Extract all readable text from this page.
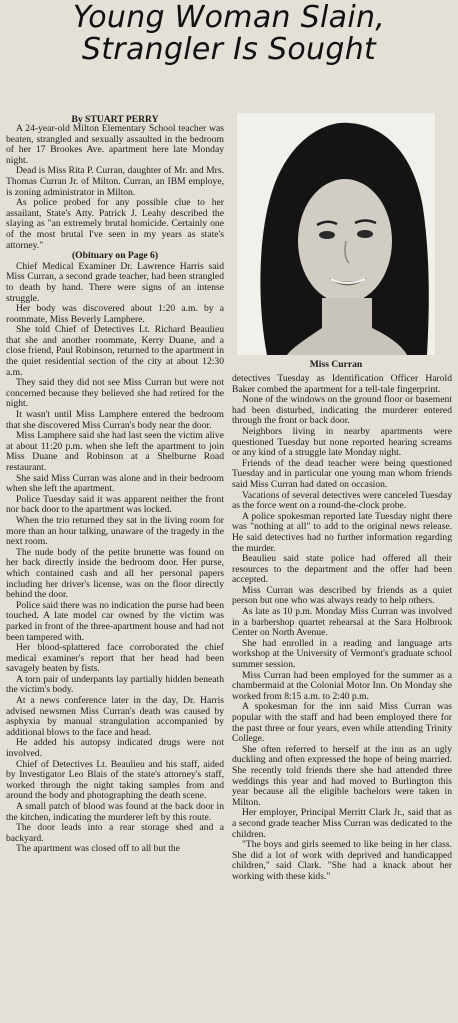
Young Woman Slain,
Strangler Is Sought
By STUART PERRY

A 24-year-old Milton Elementary School teacher was beaten, strangled and sexually assaulted in the bedroom of her 17 Brookes Ave. apartment here late Monday night.

Dead is Miss Rita P. Curran, daughter of Mr. and Mrs. Thomas Curran Jr. of Milton. Curran, an IBM employe, is zoning administrator in Milton.

As police probed for any possible clue to her assailant, State's Atty. Patrick J. Leahy described the slaying as "an extremely brutal homicide. Certainly one of the most brutal I've seen in my years as state's attorney."

(Obituary on Page 6)

Chief Medical Examiner Dr. Lawrence Harris said Miss Curran, a second grade teacher, had been strangled to death by hand. There were signs of an intense struggle.

Her body was discovered about 1:20 a.m. by a roommate, Miss Beverly Lamphere.

She told Chief of Detectives Lt. Richard Beaulieu that she and another roommate, Kerry Duane, and a close friend, Paul Robinson, returned to the apartment in the quiet residential section of the city at about 12:30 a.m.

They said they did not see Miss Curran but were not concerned because they believed she had retired for the night.

It wasn't until Miss Lamphere entered the bedroom that she discovered Miss Curran's body near the door.

Miss Lamphere said she had last seen the victim alive at about 11:20 p.m. when she left the apartment to join Miss Duane and Robinson at a Shelburne Road restaurant.

She said Miss Curran was alone and in their bedroom when she left the apartment.

Police Tuesday said it was apparent neither the front nor back door to the apartment was locked.

When the trio returned they sat in the living room for more than an hour talking, unaware of the tragedy in the next room.

The nude body of the petite brunette was found on her back directly inside the bedroom door. Her purse, which contained cash and all her personal papers including her driver's license, was on the floor directly behind the door.

Police said there was no indication the purse had been touched. A late model car owned by the victim was parked in front of the three-apartment house and had not been tampered with.

Her blood-splattered face corroborated the chief medical examiner's report that her head had been savagely beaten by fists.

A torn pair of underpants lay partially hidden beneath the victim's body.

At a news conference later in the day, Dr. Harris advised newsmen Miss Curran's death was caused by asphyxia by manual strangulation accompanied by additional blows to the face and head.

He added his autopsy indicated drugs were not involved.

Chief of Detectives Lt. Beaulieu and his staff, aided by Investigator Leo Blais of the state's attorney's staff, worked through the night taking samples from and around the body and photographing the death scene.

A small patch of blood was found at the back door in the kitchen, indicating the murderer left by this route.

The door leads into a rear storage shed and a backyard.

The apartment was closed off to all but the

Miss Curran

detectives Tuesday as Identification Officer Harold Baker combed the apartment for a tell-tale fingerprint.

None of the windows on the ground floor or basement had been disturbed, indicating the murderer entered through the front or back door.

Neighbors living in nearby apartments were questioned Tuesday but none reported hearing screams or any kind of a struggle late Monday night.

Friends of the dead teacher were being questioned Tuesday and in particular one young man whom friends said Miss Curran had dated on occasion.

Vacations of several detectives were canceled Tuesday as the force went on a round-the-clock probe.

A police spokesman reported late Tuesday night there was "nothing at all" to add to the original news release. He said detectives had no further information regarding the murder.

Beaulieu said state police had offered all their resources to the department and the offer had been accepted.

Miss Curran was described by friends as a quiet person but one who was always ready to help others.

As late as 10 p.m. Monday Miss Curran was involved in a barbershop quartet rehearsal at the Sara Holbrook Center on North Avenue.

She had enrolled in a reading and language arts workshop at the University of Vermont's graduate school summer session.

Miss Curran had been employed for the summer as a chambermaid at the Colonial Motor Inn. On Monday she worked from 8:15 a.m. to 2:40 p.m.

A spokesman for the inn said Miss Curran was popular with the staff and had been employed there for the past three or four years, even while attending Trinity College.

She often referred to herself at the inn as an ugly duckling and often expressed the hope of being married. She recently told friends there she had attended three weddings this year and had moved to Burlington this year because all the eligible bachelors were taken in Milton.

Her employer, Principal Merritt Clark Jr., said that as a second grade teacher Miss Curran was dedicated to the children.

"The boys and girls seemed to like being in her class. She did a lot of work with deprived and handicapped children," said Clark. "She had a knack about her working with these kids."
